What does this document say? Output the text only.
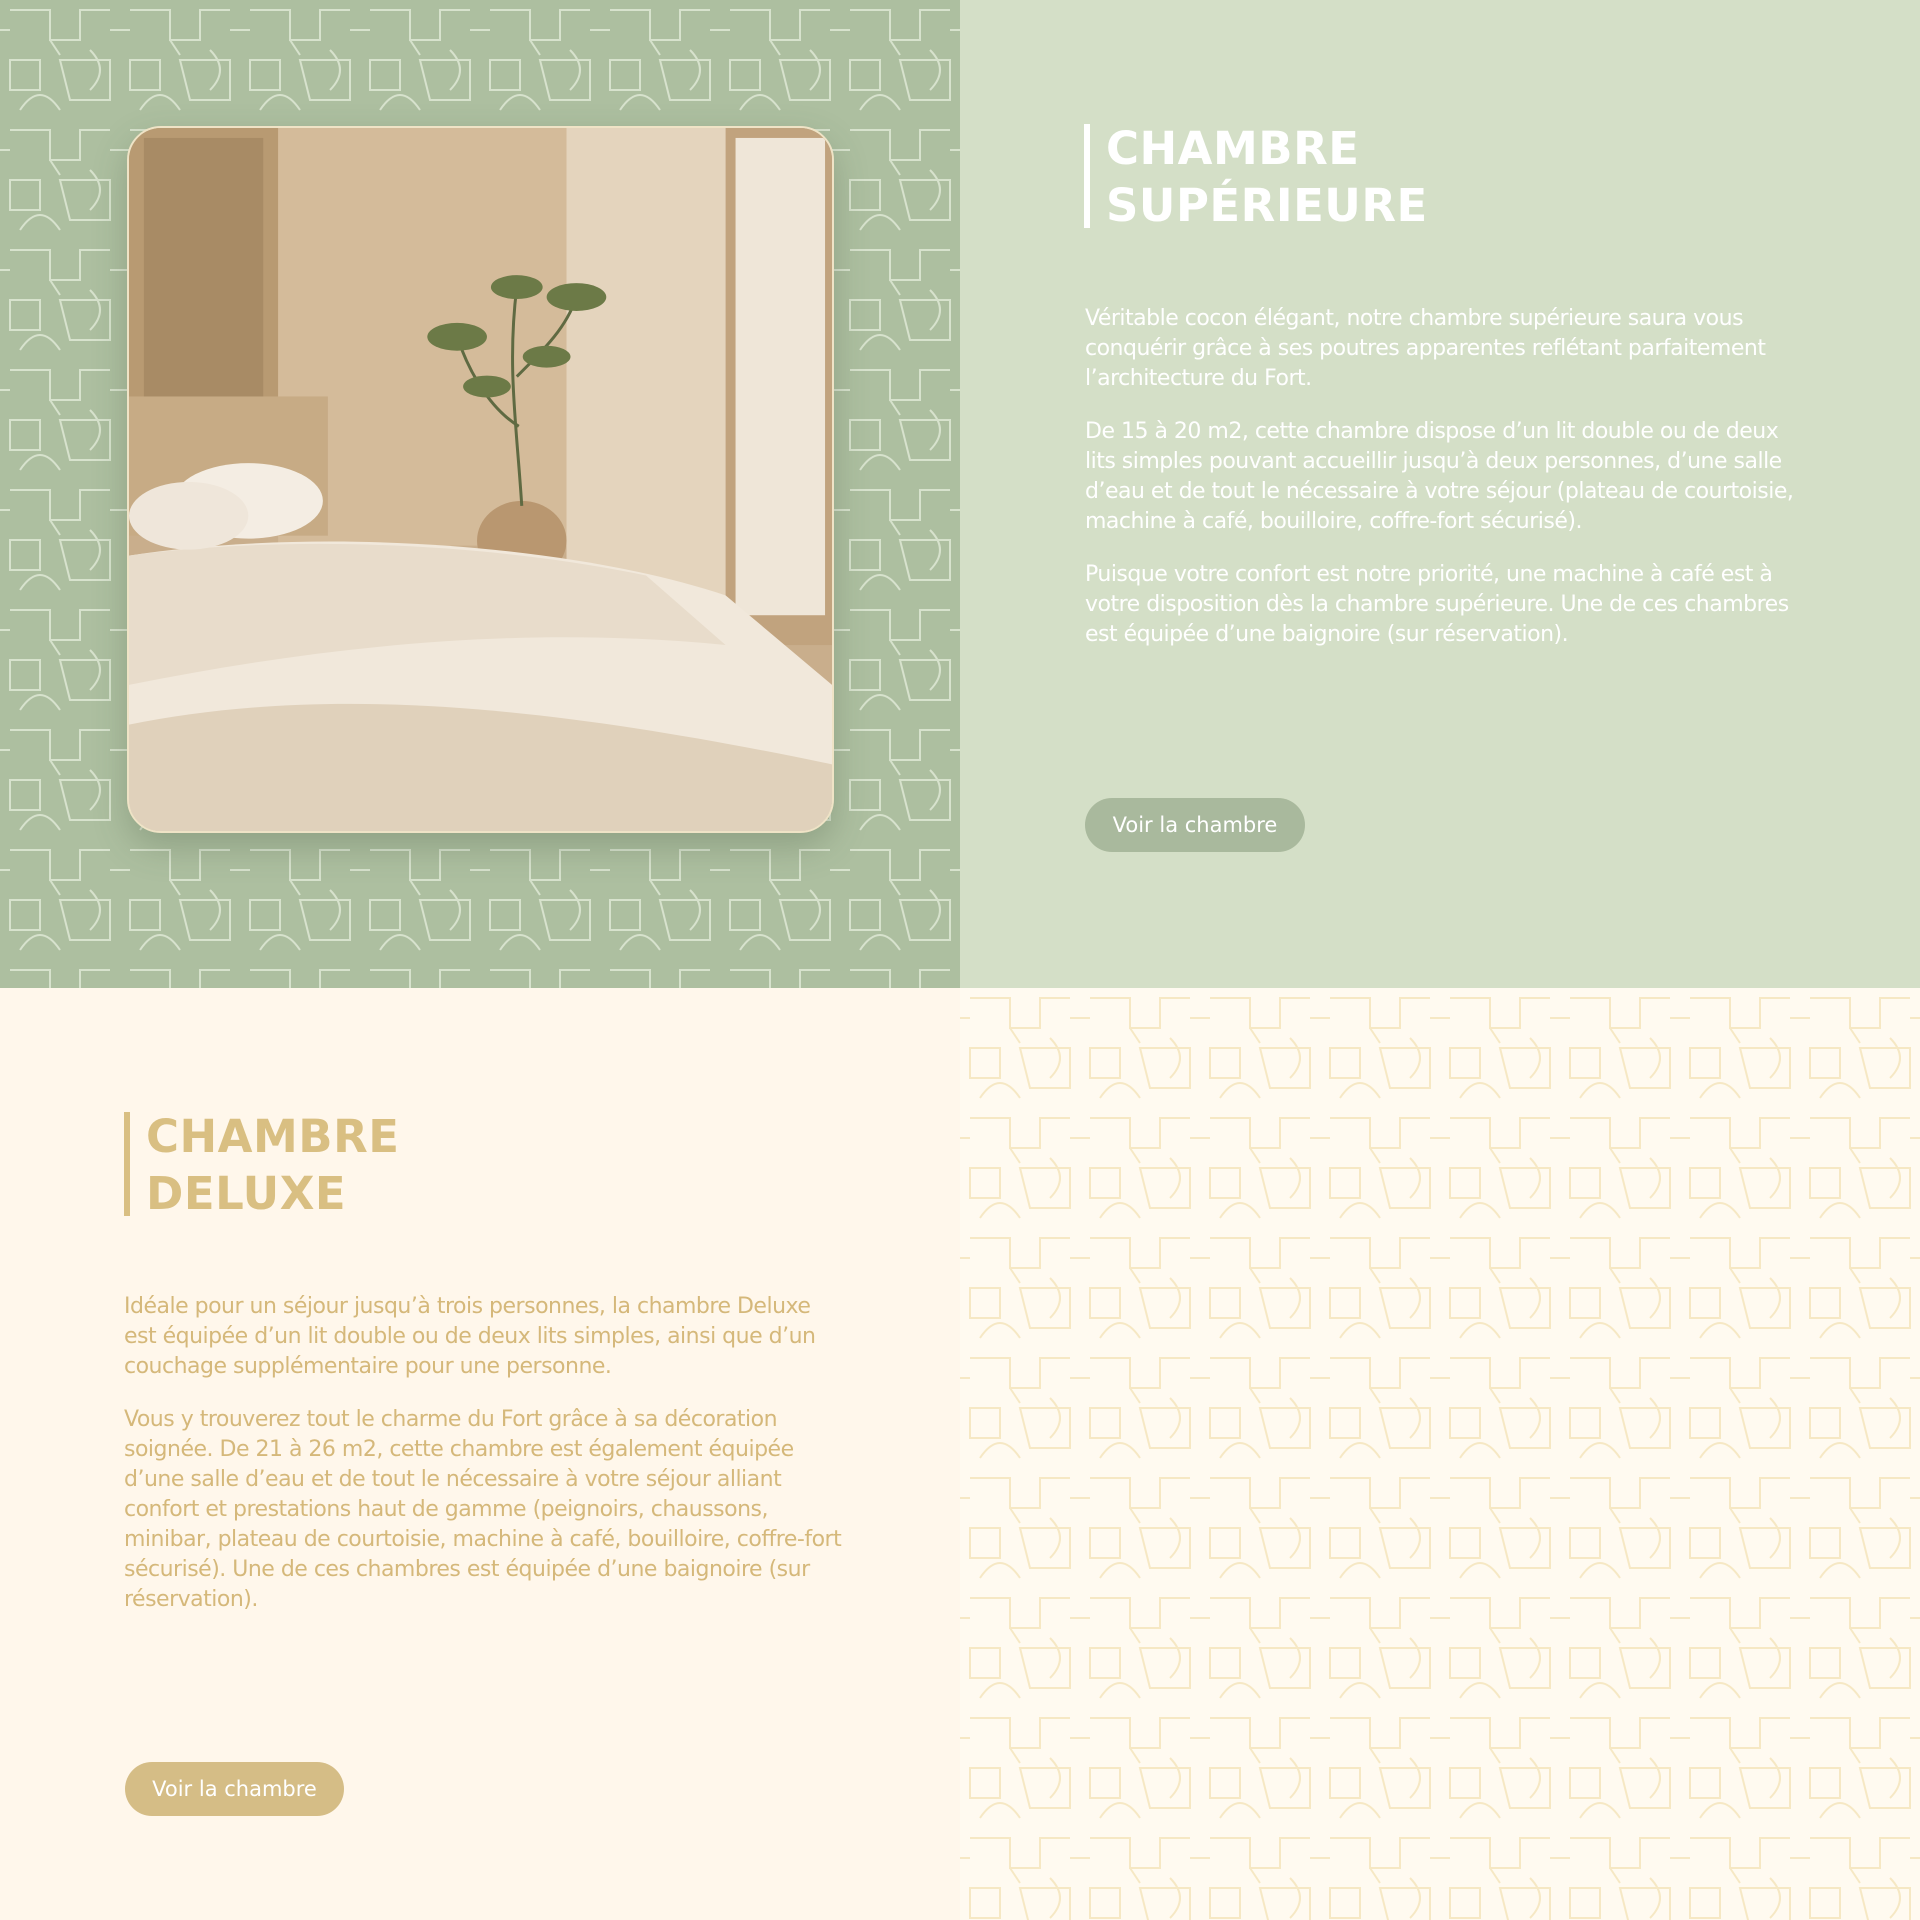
CHAMBRE
SUPÉRIEURE

Véritable cocon élégant, notre chambre supérieure saura vous conquérir grâce à ses poutres apparentes reflétant parfaitement l’architecture du Fort.

De 15 à 20 m2, cette chambre dispose d’un lit double ou de deux lits simples pouvant accueillir jusqu’à deux personnes, d’une salle d’eau et de tout le nécessaire à votre séjour (plateau de courtoisie, machine à café, bouilloire, coffre-fort sécurisé).

Puisque votre confort est notre priorité, une machine à café est à votre disposition dès la chambre supérieure. Une de ces chambres est équipée d’une baignoire (sur réservation).

Voir la chambre
CHAMBRE
DELUXE

Idéale pour un séjour jusqu’à trois personnes, la chambre Deluxe est équipée d’un lit double ou de deux lits simples, ainsi que d’un couchage supplémentaire pour une personne.

Vous y trouverez tout le charme du Fort grâce à sa décoration soignée. De 21 à 26 m2, cette chambre est également équipée d’une salle d’eau et de tout le nécessaire à votre séjour alliant confort et prestations haut de gamme (peignoirs, chaussons, minibar, plateau de courtoisie, machine à café, bouilloire, coffre-fort sécurisé). Une de ces chambres est équipée d’une baignoire (sur réservation).

Voir la chambre
